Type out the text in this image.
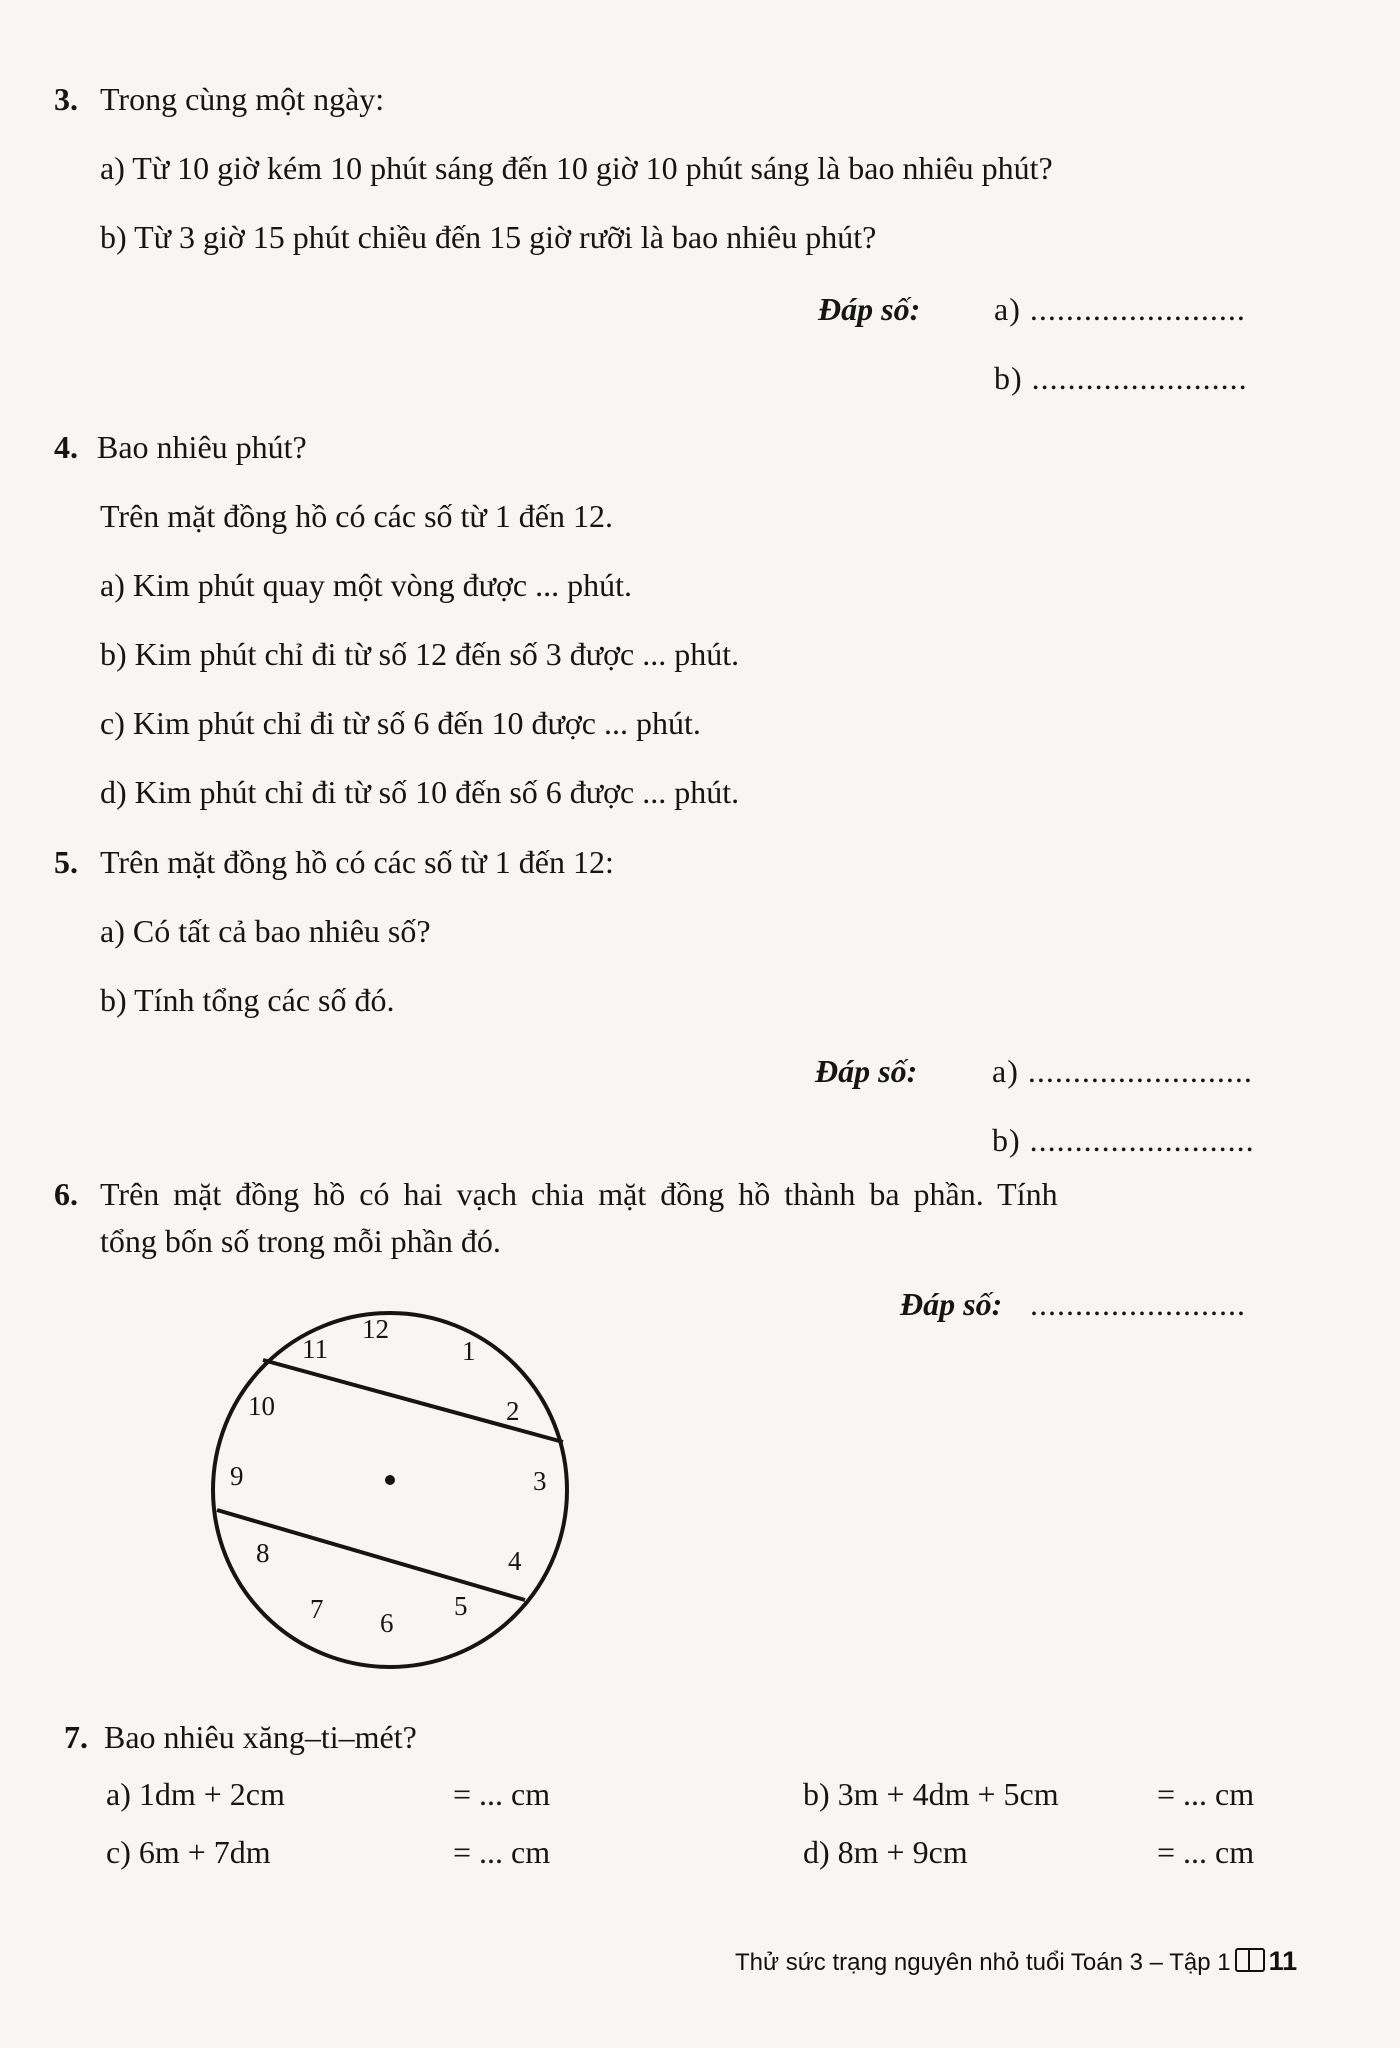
3. Trong cùng một ngày:
a) Từ 10 giờ kém 10 phút sáng đến 10 giờ 10 phút sáng là bao nhiêu phút?
b) Từ 3 giờ 15 phút chiều đến 15 giờ rưỡi là bao nhiêu phút?
Đáp số: a) ........................
b) ........................
4. Bao nhiêu phút?
Trên mặt đồng hồ có các số từ 1 đến 12.
a) Kim phút quay một vòng được ... phút.
b) Kim phút chỉ đi từ số 12 đến số 3 được ... phút.
c) Kim phút chỉ đi từ số 6 đến 10 được ... phút.
d) Kim phút chỉ đi từ số 10 đến số 6 được ... phút.
5. Trên mặt đồng hồ có các số từ 1 đến 12:
a) Có tất cả bao nhiêu số?
b) Tính tổng các số đó.
Đáp số: a) .........................
b) .........................
6. Trên mặt đồng hồ có hai vạch chia mặt đồng hồ thành ba phần. Tính
tổng bốn số trong mỗi phần đó.
Đáp số: ........................
12
1
2
3
4
5
6
7
8
9
10
11
7. Bao nhiêu xăng–ti–mét?
a) 1dm + 2cm	= ... cm	b) 3m + 4dm + 5cm	= ... cm
c) 6m + 7dm	= ... cm	d) 8m + 9cm	= ... cm
Thử sức trạng nguyên nhỏ tuổi Toán 3 – Tập 1 11
